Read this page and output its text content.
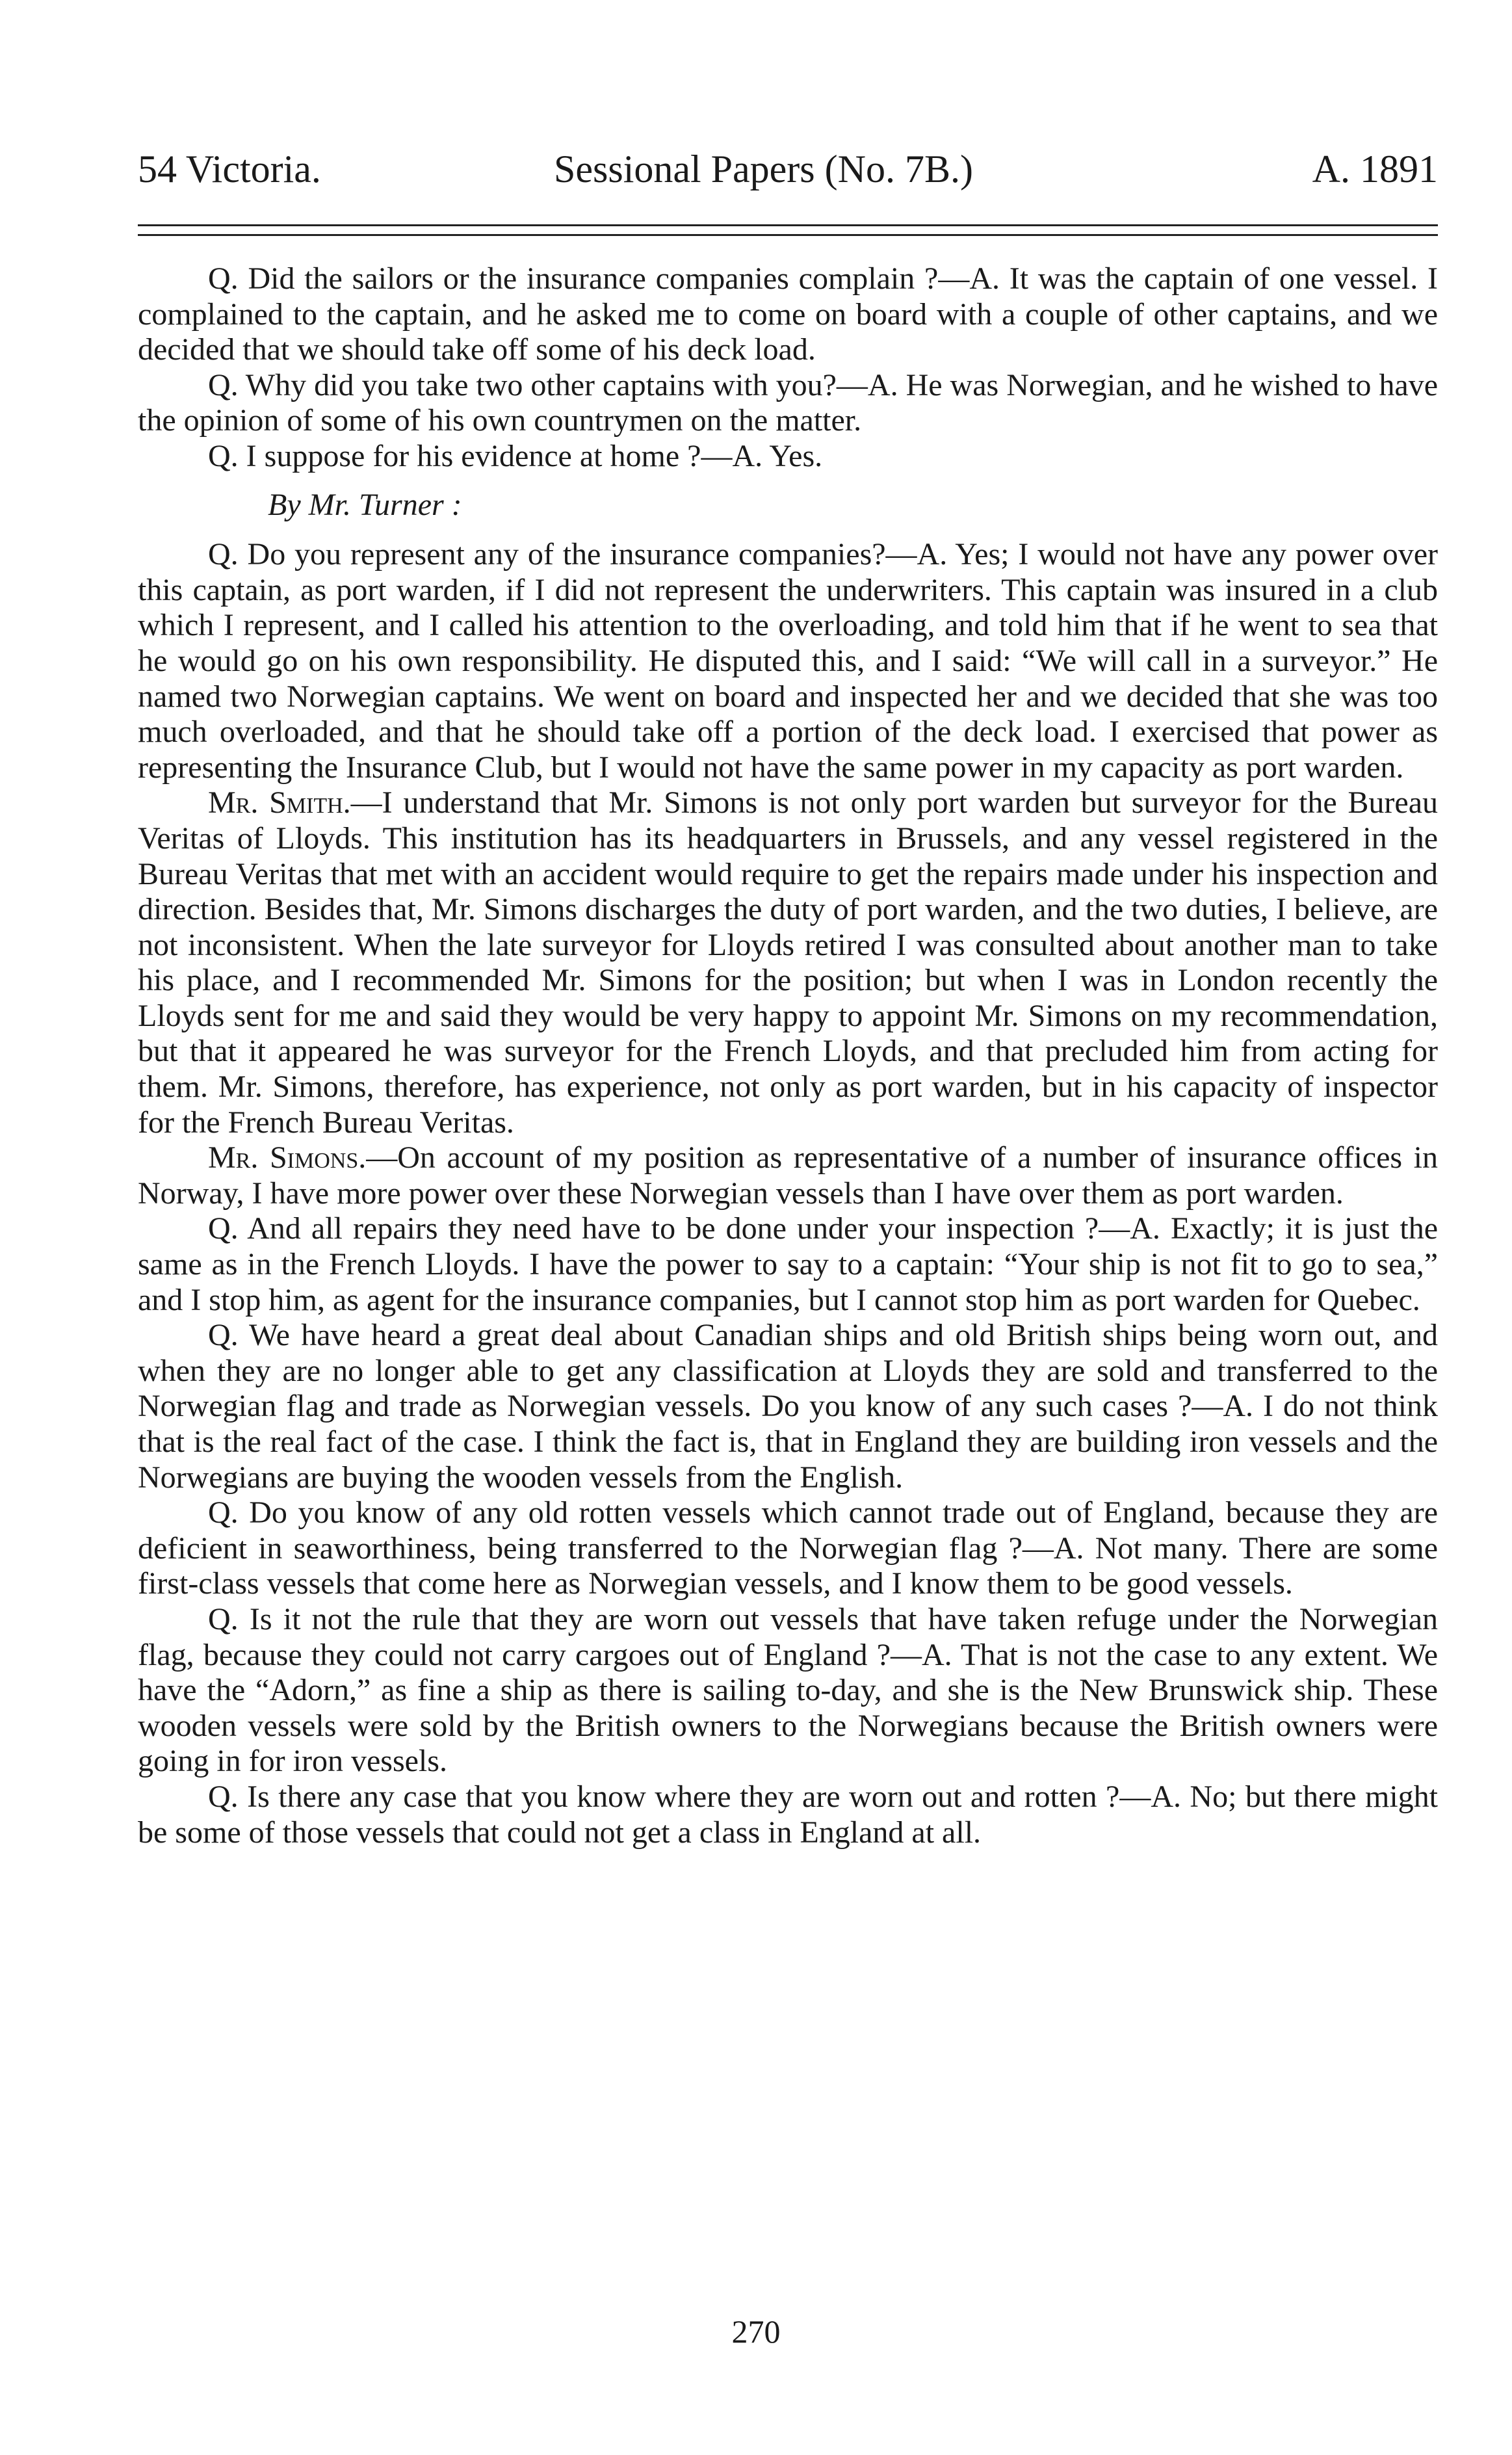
54 Victoria.	Sessional Papers (No. 7B.)	A. 1891

Q. Did the sailors or the insurance companies complain ?—A. It was the captain of one vessel. I complained to the captain, and he asked me to come on board with a couple of other captains, and we decided that we should take off some of his deck load.

Q. Why did you take two other captains with you?—A. He was Norwegian, and he wished to have the opinion of some of his own countrymen on the matter.

Q. I suppose for his evidence at home ?—A. Yes.

By Mr. Turner :

Q. Do you represent any of the insurance companies?—A. Yes; I would not have any power over this captain, as port warden, if I did not represent the underwriters. This captain was insured in a club which I represent, and I called his attention to the overloading, and told him that if he went to sea that he would go on his own responsibility. He disputed this, and I said: “We will call in a surveyor.” He named two Norwegian captains. We went on board and inspected her and we decided that she was too much overloaded, and that he should take off a portion of the deck load. I exercised that power as representing the Insurance Club, but I would not have the same power in my capacity as port warden.

Mr. Smith.—I understand that Mr. Simons is not only port warden but surveyor for the Bureau Veritas of Lloyds. This institution has its headquarters in Brussels, and any vessel registered in the Bureau Veritas that met with an accident would require to get the repairs made under his inspection and direction. Besides that, Mr. Simons discharges the duty of port warden, and the two duties, I believe, are not inconsistent. When the late surveyor for Lloyds retired I was consulted about another man to take his place, and I recommended Mr. Simons for the position; but when I was in London recently the Lloyds sent for me and said they would be very happy to appoint Mr. Simons on my recommendation, but that it appeared he was surveyor for the French Lloyds, and that precluded him from acting for them. Mr. Simons, therefore, has experience, not only as port warden, but in his capacity of inspector for the French Bureau Veritas.

Mr. Simons.—On account of my position as representative of a number of insurance offices in Norway, I have more power over these Norwegian vessels than I have over them as port warden.

Q. And all repairs they need have to be done under your inspection ?—A. Exactly; it is just the same as in the French Lloyds. I have the power to say to a captain: “Your ship is not fit to go to sea,” and I stop him, as agent for the insurance companies, but I cannot stop him as port warden for Quebec.

Q. We have heard a great deal about Canadian ships and old British ships being worn out, and when they are no longer able to get any classification at Lloyds they are sold and transferred to the Norwegian flag and trade as Norwegian vessels. Do you know of any such cases ?—A. I do not think that is the real fact of the case. I think the fact is, that in England they are building iron vessels and the Norwegians are buying the wooden vessels from the English.

Q. Do you know of any old rotten vessels which cannot trade out of England, because they are deficient in seaworthiness, being transferred to the Norwegian flag ?—A. Not many. There are some first-class vessels that come here as Norwegian vessels, and I know them to be good vessels.

Q. Is it not the rule that they are worn out vessels that have taken refuge under the Norwegian flag, because they could not carry cargoes out of England ?—A. That is not the case to any extent. We have the “Adorn,” as fine a ship as there is sailing to-day, and she is the New Brunswick ship. These wooden vessels were sold by the British owners to the Norwegians because the British owners were going in for iron vessels.

Q. Is there any case that you know where they are worn out and rotten ?—A. No; but there might be some of those vessels that could not get a class in England at all.

270
